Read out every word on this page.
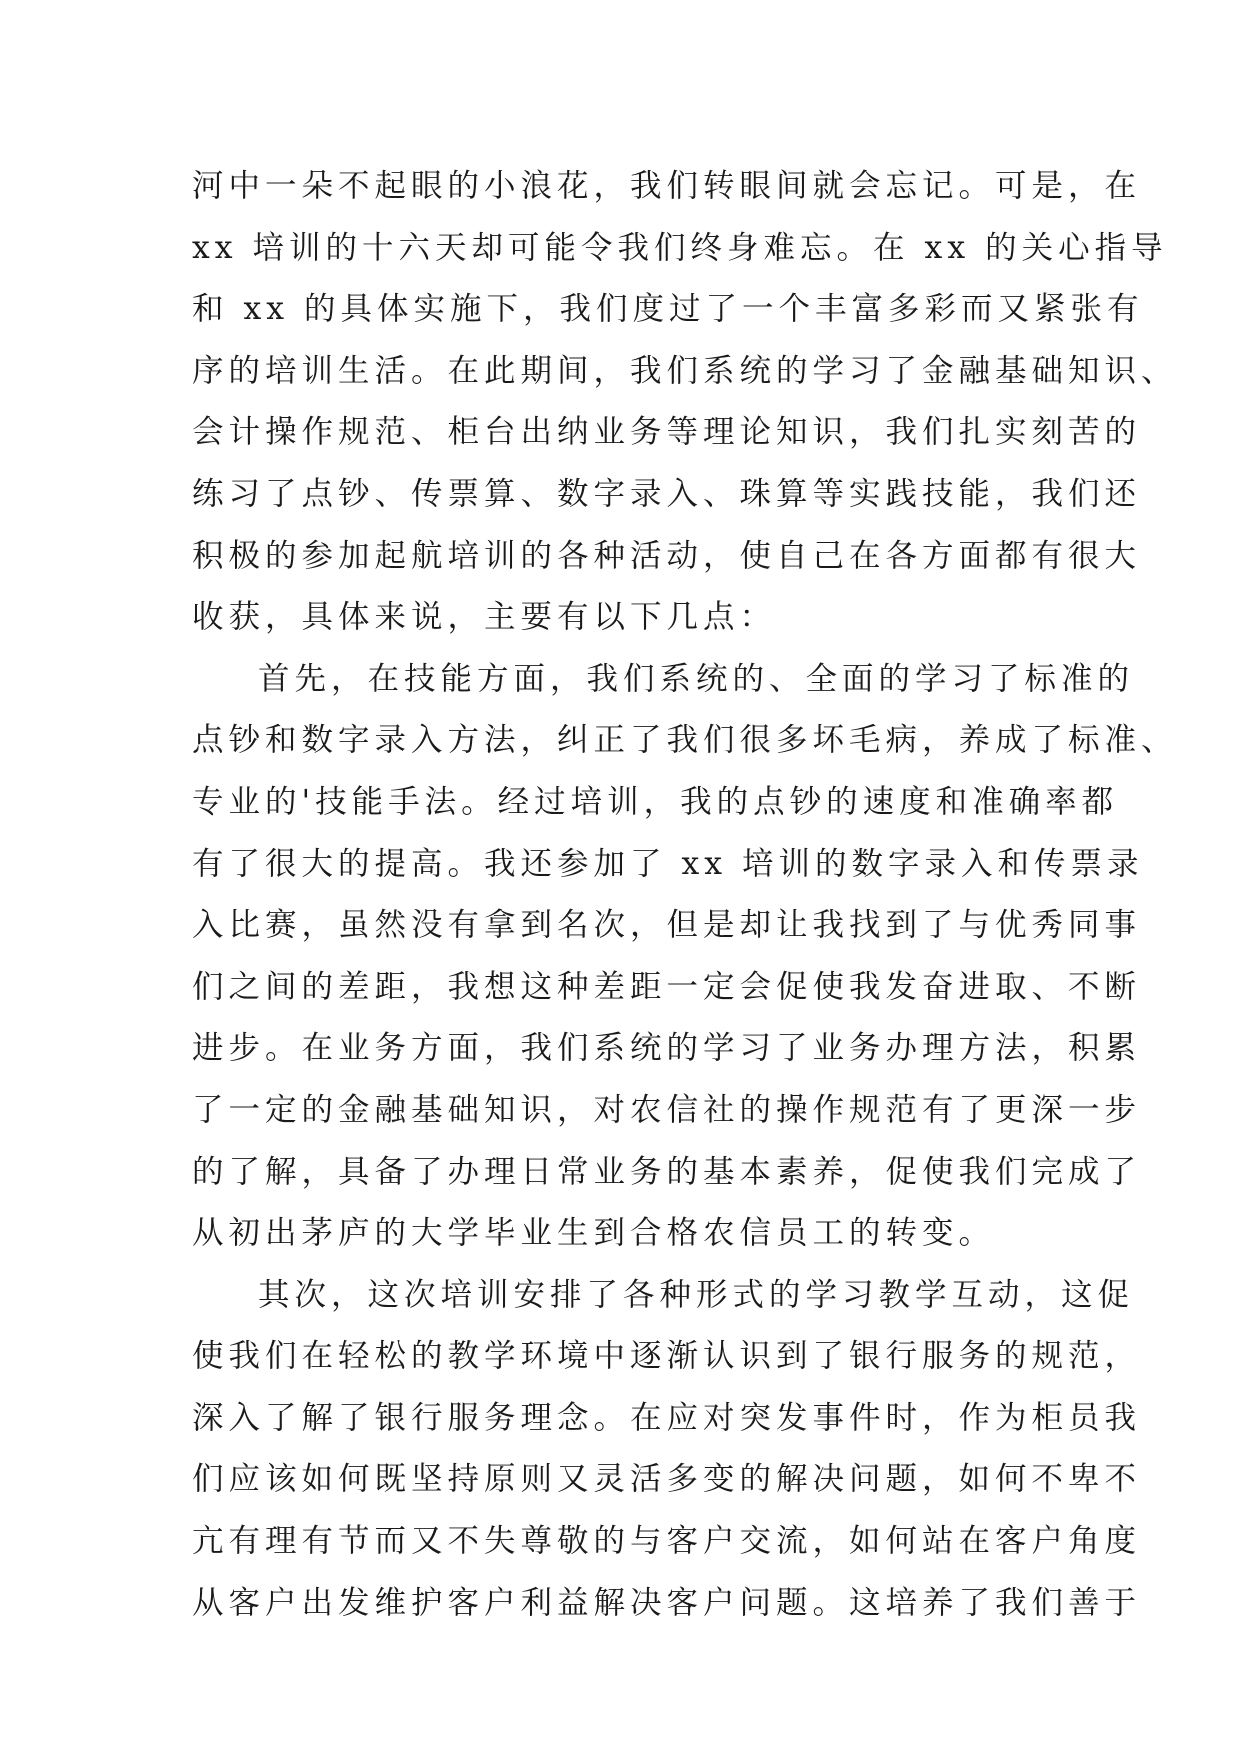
河中一朵不起眼的小浪花，我们转眼间就会忘记。可是，在
xx 培训的十六天却可能令我们终身难忘。在 xx 的关心指导
和 xx 的具体实施下，我们度过了一个丰富多彩而又紧张有
序的培训生活。在此期间，我们系统的学习了金融基础知识、
会计操作规范、柜台出纳业务等理论知识，我们扎实刻苦的
练习了点钞、传票算、数字录入、珠算等实践技能，我们还
积极的参加起航培训的各种活动，使自己在各方面都有很大
收获，具体来说，主要有以下几点：
首先，在技能方面，我们系统的、全面的学习了标准的
点钞和数字录入方法，纠正了我们很多坏毛病，养成了标准、
专业的'技能手法。经过培训，我的点钞的速度和准确率都
有了很大的提高。我还参加了 xx 培训的数字录入和传票录
入比赛，虽然没有拿到名次，但是却让我找到了与优秀同事
们之间的差距，我想这种差距一定会促使我发奋进取、不断
进步。在业务方面，我们系统的学习了业务办理方法，积累
了一定的金融基础知识，对农信社的操作规范有了更深一步
的了解，具备了办理日常业务的基本素养，促使我们完成了
从初出茅庐的大学毕业生到合格农信员工的转变。
其次，这次培训安排了各种形式的学习教学互动，这促
使我们在轻松的教学环境中逐渐认识到了银行服务的规范，
深入了解了银行服务理念。在应对突发事件时，作为柜员我
们应该如何既坚持原则又灵活多变的解决问题，如何不卑不
亢有理有节而又不失尊敬的与客户交流，如何站在客户角度
从客户出发维护客户利益解决客户问题。这培养了我们善于
